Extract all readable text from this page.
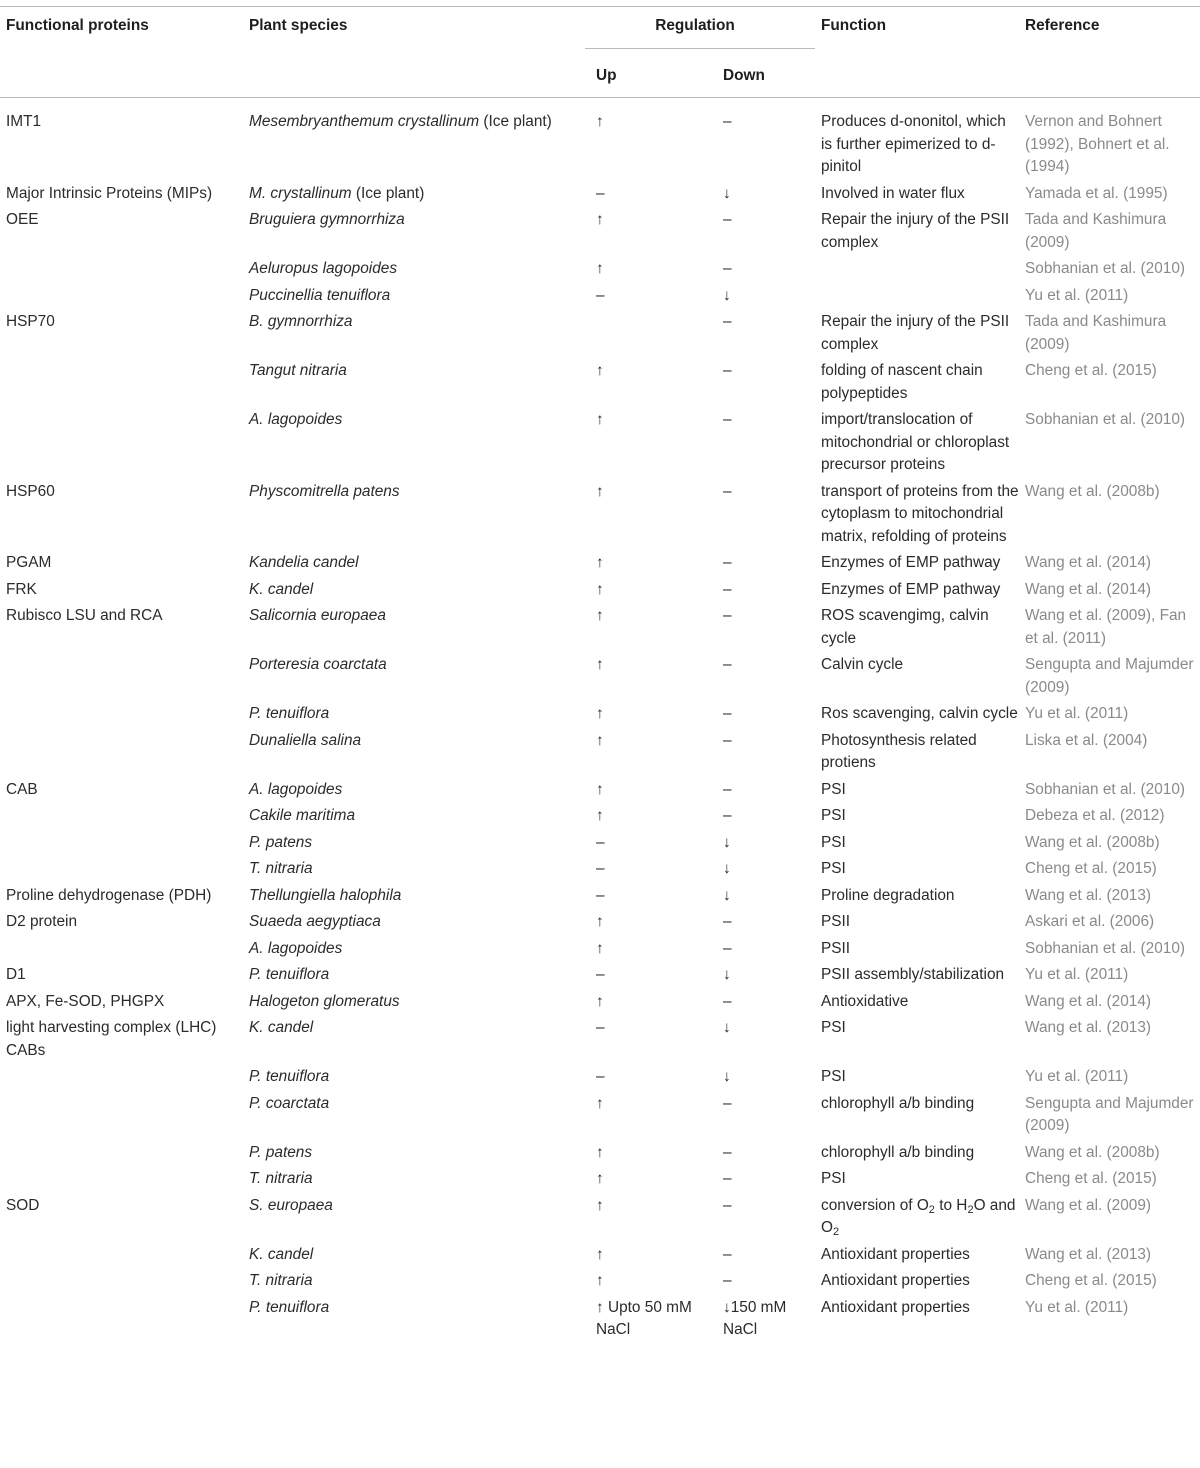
Functional proteins	Plant species	Regulation		Function	Reference
		Up	Down		
IMT1	Mesembryanthemum crystallinum (Ice plant)	↑	–	Produces d-ononitol, which is further epimerized to d-pinitol	Vernon and Bohnert (1992), Bohnert et al. (1994)
Major Intrinsic Proteins (MIPs)	M. crystallinum (Ice plant)	–	↓	Involved in water flux	Yamada et al. (1995)
OEE	Bruguiera gymnorrhiza	↑	–	Repair the injury of the PSII complex	Tada and Kashimura (2009)
	Aeluropus lagopoides	↑	–		Sobhanian et al. (2010)
	Puccinellia tenuiflora	–	↓		Yu et al. (2011)
HSP70	B. gymnorrhiza		–	Repair the injury of the PSII complex	Tada and Kashimura (2009)
	Tangut nitraria	↑	–	folding of nascent chain polypeptides	Cheng et al. (2015)
	A. lagopoides	↑	–	import/translocation of mitochondrial or chloroplast precursor proteins	Sobhanian et al. (2010)
HSP60	Physcomitrella patens	↑	–	transport of proteins from the cytoplasm to mitochondrial matrix, refolding of proteins	Wang et al. (2008b)
PGAM	Kandelia candel	↑	–	Enzymes of EMP pathway	Wang et al. (2014)
FRK	K. candel	↑	–	Enzymes of EMP pathway	Wang et al. (2014)
Rubisco LSU and RCA	Salicornia europaea	↑	–	ROS scavengimg, calvin cycle	Wang et al. (2009), Fan et al. (2011)
	Porteresia coarctata	↑	–	Calvin cycle	Sengupta and Majumder (2009)
	P. tenuiflora	↑	–	Ros scavenging, calvin cycle	Yu et al. (2011)
	Dunaliella salina	↑	–	Photosynthesis related protiens	Liska et al. (2004)
CAB	A. lagopoides	↑	–	PSI	Sobhanian et al. (2010)
	Cakile maritima	↑	–	PSI	Debeza et al. (2012)
	P. patens	–	↓	PSI	Wang et al. (2008b)
	T. nitraria	–	↓	PSI	Cheng et al. (2015)
Proline dehydrogenase (PDH)	Thellungiella halophila	–	↓	Proline degradation	Wang et al. (2013)
D2 protein	Suaeda aegyptiaca	↑	–	PSII	Askari et al. (2006)
	A. lagopoides	↑	–	PSII	Sobhanian et al. (2010)
D1	P. tenuiflora	–	↓	PSII assembly/stabilization	Yu et al. (2011)
APX, Fe-SOD, PHGPX	Halogeton glomeratus	↑	–	Antioxidative	Wang et al. (2014)
light harvesting complex (LHC) CABs	K. candel	–	↓	PSI	Wang et al. (2013)
	P. tenuiflora	–	↓	PSI	Yu et al. (2011)
	P. coarctata	↑	–	chlorophyll a/b binding	Sengupta and Majumder (2009)
	P. patens	↑	–	chlorophyll a/b binding	Wang et al. (2008b)
	T. nitraria	↑	–	PSI	Cheng et al. (2015)
SOD	S. europaea	↑	–	conversion of $O_2$ to $H_2O$ and $O_2$	Wang et al. (2009)
	K. candel	↑	–	Antioxidant properties	Wang et al. (2013)
	T. nitraria	↑	–	Antioxidant properties	Cheng et al. (2015)
	P. tenuiflora	↑ Upto 50 mM NaCl	↓150 mM NaCl	Antioxidant properties	Yu et al. (2011)
